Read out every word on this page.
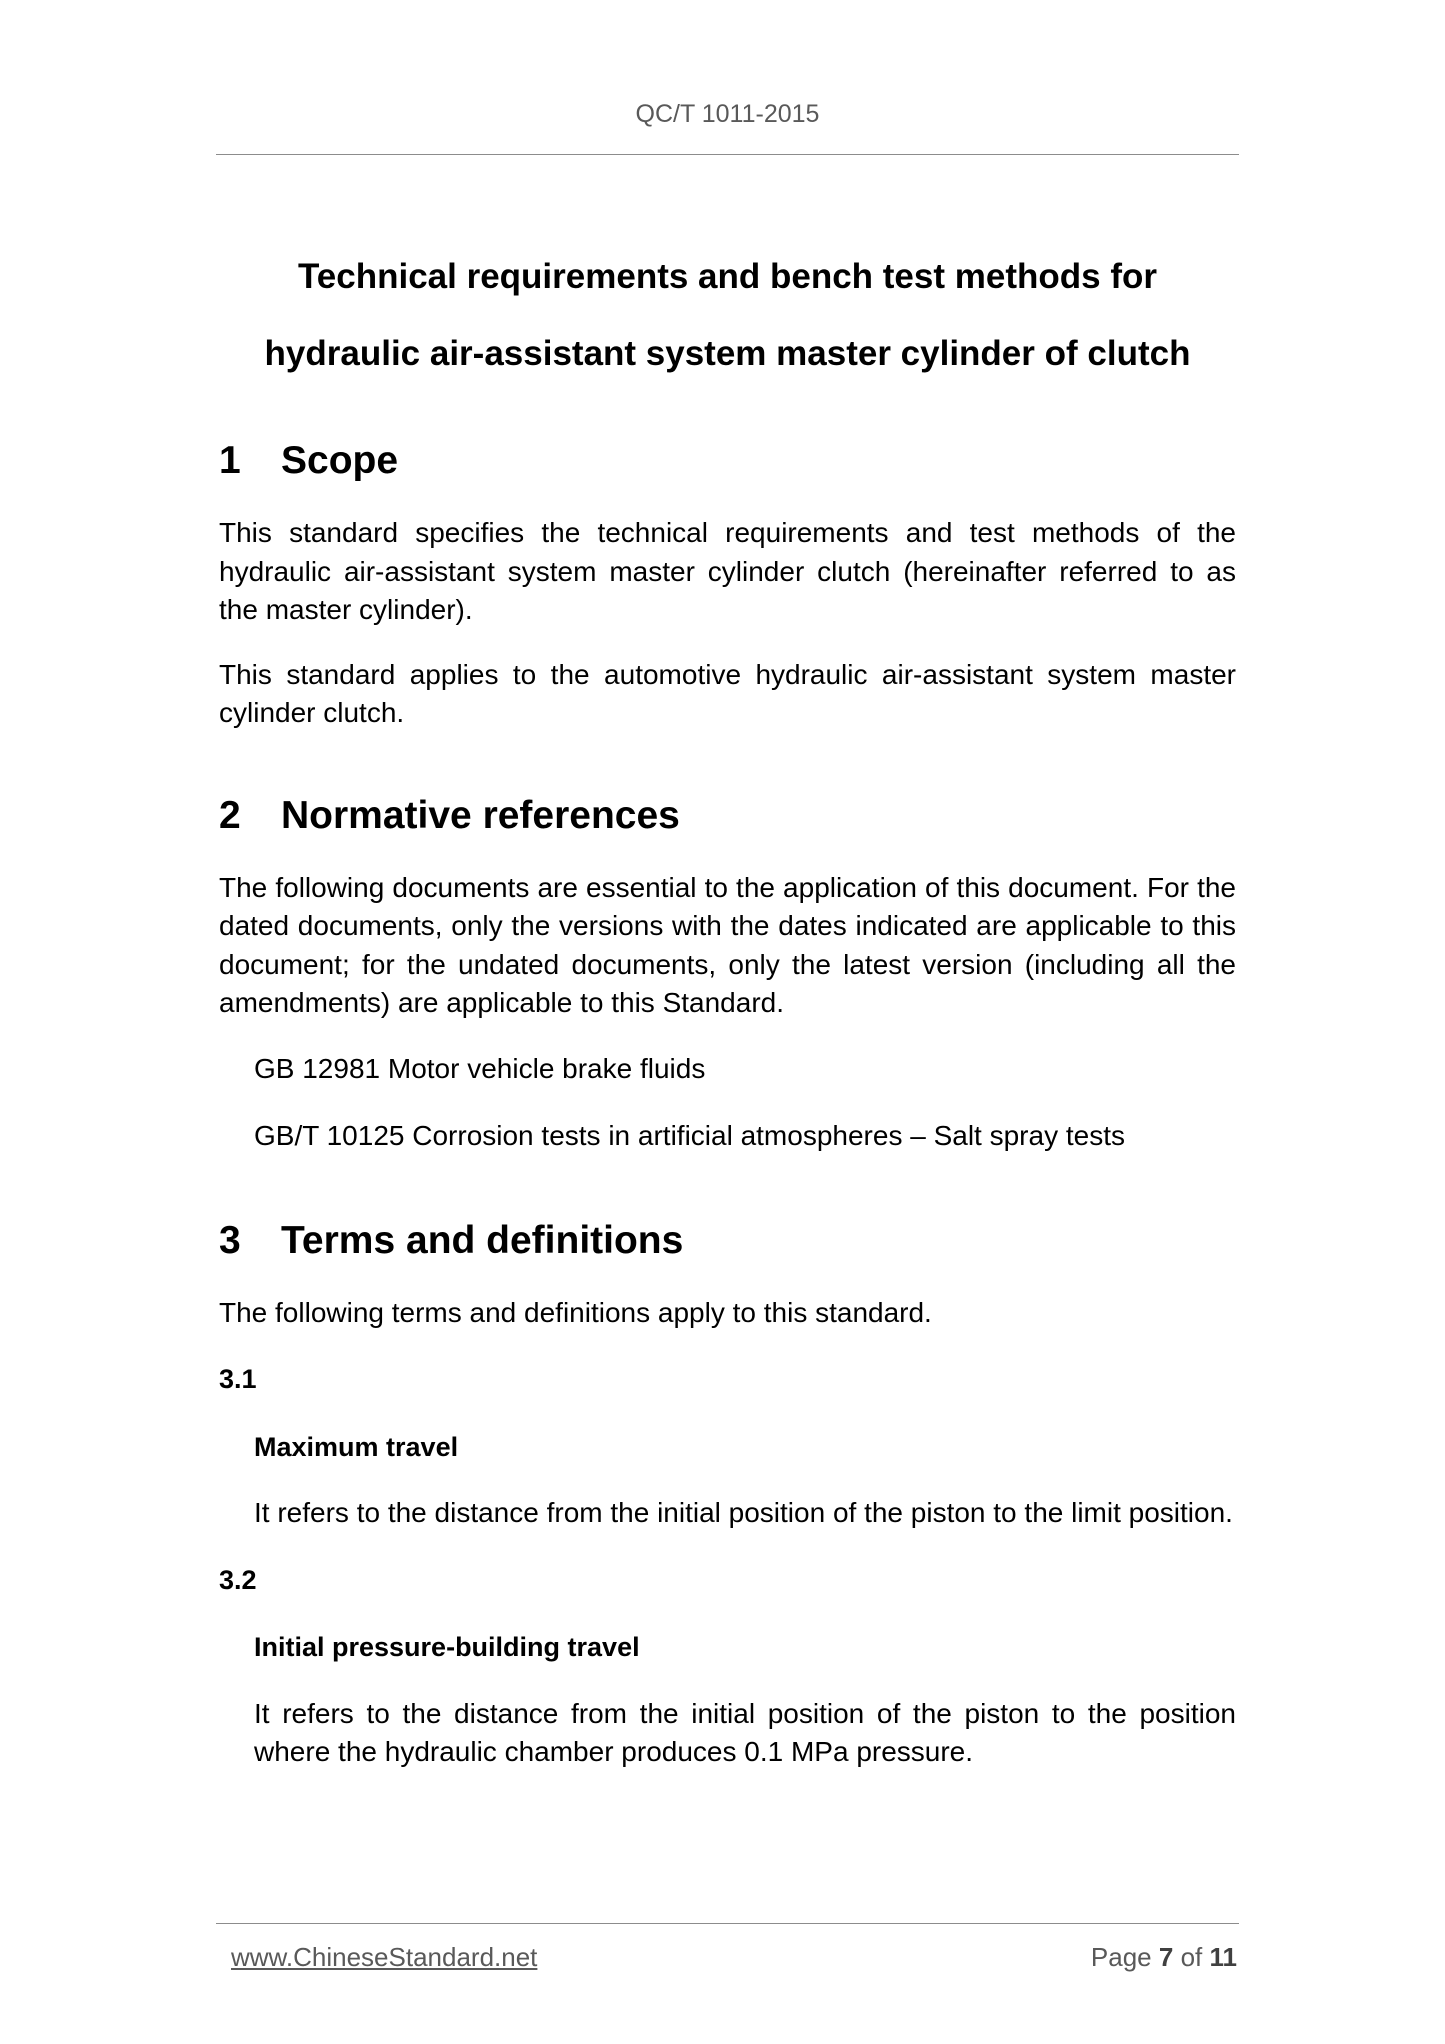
QC/T 1011-2015
Technical requirements and bench test methods for
hydraulic air-assistant system master cylinder of clutch
1 Scope

This standard specifies the technical requirements and test methods of the hydraulic air-assistant system master cylinder clutch (hereinafter referred to as the master cylinder).

This standard applies to the automotive hydraulic air-assistant system master cylinder clutch.

2 Normative references

The following documents are essential to the application of this document. For the dated documents, only the versions with the dates indicated are applicable to this document; for the undated documents, only the latest version (including all the amendments) are applicable to this Standard.

GB 12981 Motor vehicle brake fluids

GB/T 10125 Corrosion tests in artificial atmospheres – Salt spray tests

3 Terms and definitions

The following terms and definitions apply to this standard.

3.1

Maximum travel

It refers to the distance from the initial position of the piston to the limit position.

3.2

Initial pressure-building travel

It refers to the distance from the initial position of the piston to the position where the hydraulic chamber produces 0.1 MPa pressure.

www.ChineseStandard.net	Page 7 of 11
